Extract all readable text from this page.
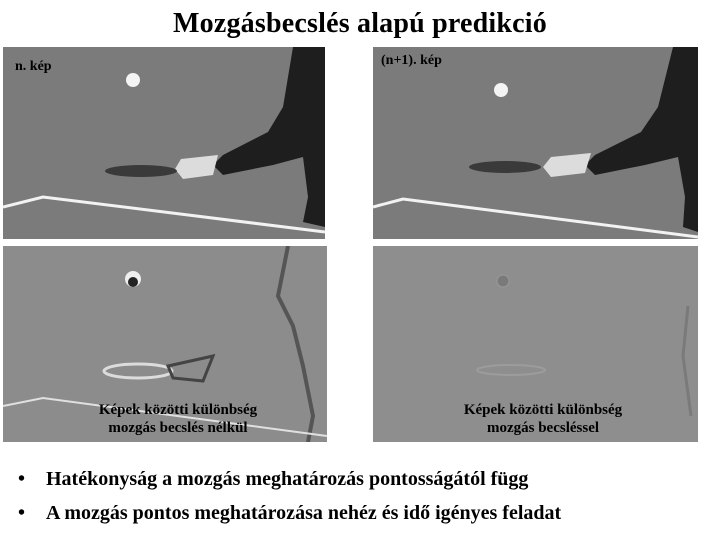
Mozgásbecslés alapú predikció
n. kép	(n+1). kép
Képek közötti különbség
mozgás becslés nélkül
Képek közötti különbség
mozgás becsléssel
• Hatékonyság a mozgás meghatározás pontosságától függ
• A mozgás pontos meghatározása nehéz és idő igényes feladat
